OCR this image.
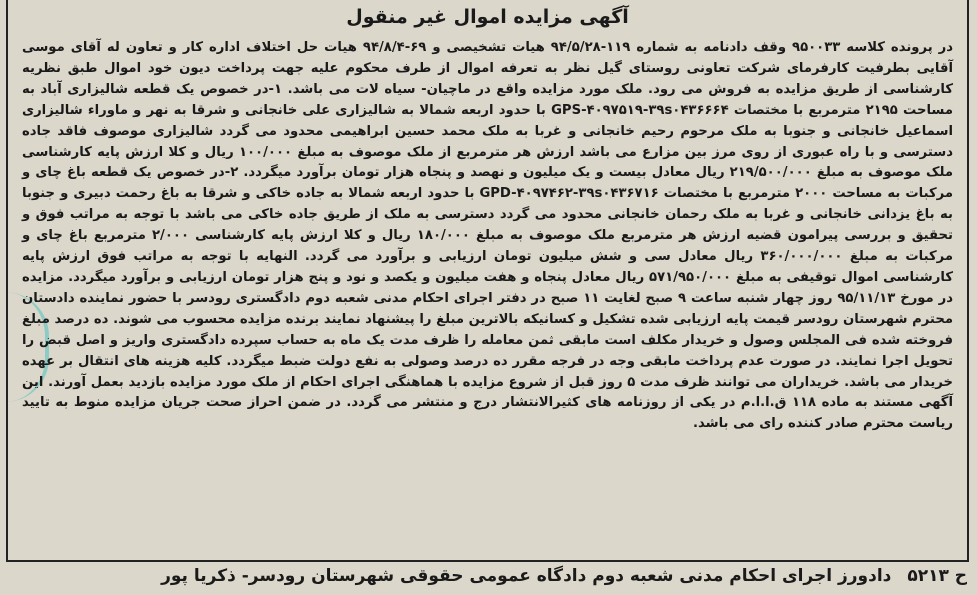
آگهی مزایده اموال غیر منقول

در پرونده کلاسه ۹۵۰۰۳۳ وقف دادنامه به شماره ۱۱۹-۹۴/۵/۲۸ هیات تشخیصی و ۶۹-۹۴/۸/۴ هیات حل اختلاف اداره کار و تعاون له آقای موسی آقایی بطرفیت کارفرمای شرکت تعاونی روستای گیل نظر به تعرفه اموال از طرف محکوم علیه جهت پرداخت دیون خود اموال طبق نظریه کارشناسی از طریق مزایده به فروش می رود. ملک مورد مزایده واقع در ماچیان- سیاه لات می باشد. ۱-در خصوص یک قطعه شالیزاری آباد به مساحت ۲۱۹۵ مترمربع با مختصات GPS-۴۰۹۷۵۱۹-۳۹s۰۴۳۶۶۶۴ با حدود اربعه شمالا به شالیزاری علی خانجانی و شرقا به نهر و ماوراء شالیزاری اسماعیل خانجانی و جنوبا به ملک مرحوم رحیم خانجانی و غربا به ملک محمد حسین ابراهیمی محدود می گردد شالیزاری موصوف فاقد جاده دسترسی و با راه عبوری از روی مرز بین مزارع می باشد ارزش هر مترمربع از ملک موصوف به مبلغ ۱۰۰/۰۰۰ ریال و کلا ارزش پایه کارشناسی ملک موصوف به مبلغ ۲۱۹/۵۰۰/۰۰۰ ریال معادل بیست و یک میلیون و نهصد و پنجاه هزار تومان برآورد میگردد. ۲-در خصوص یک قطعه باغ چای و مرکبات به مساحت ۲۰۰۰ مترمربع با مختصات GPD-۴۰۹۷۴۶۲-۳۹s۰۴۳۶۷۱۶ با حدود اربعه شمالا به جاده خاکی و شرقا به باغ رحمت دبیری و جنوبا به باغ یزدانی خانجانی و غربا به ملک رحمان خانجانی محدود می گردد دسترسی به ملک از طریق جاده خاکی می باشد با توجه به مراتب فوق و تحقیق و بررسی پیرامون قضیه ارزش هر مترمربع ملک موصوف به مبلغ ۱۸۰/۰۰۰ ریال و کلا ارزش پایه کارشناسی ۲/۰۰۰ مترمربع باغ چای و مرکبات به مبلغ ۳۶۰/۰۰۰/۰۰۰ ریال معادل سی و شش میلیون تومان ارزیابی و برآورد می گردد. النهایه با توجه به مراتب فوق ارزش پایه کارشناسی اموال توقیفی به مبلغ ۵۷۱/۹۵۰/۰۰۰ ریال معادل پنجاه و هفت میلیون و یکصد و نود و پنج هزار تومان ارزیابی و برآورد میگردد. مزایده در مورخ ۹۵/۱۱/۱۳ روز چهار شنبه ساعت ۹ صبح لغایت ۱۱ صبح در دفتر اجرای احکام مدنی شعبه دوم دادگستری رودسر با حضور نماینده دادستان محترم شهرستان رودسر قیمت پایه ارزیابی شده تشکیل و کسانیکه بالاترین مبلغ را پیشنهاد نمایند برنده مزایده محسوب می شوند. ده درصد مبلغ فروخته شده فی المجلس وصول و خریدار مکلف است مابقی ثمن معامله را ظرف مدت یک ماه به حساب سپرده دادگستری واریز و اصل قبض را تحویل اجرا نمایند. در صورت عدم پرداخت مابقی وجه در فرجه مقرر ده درصد وصولی به نفع دولت ضبط میگردد. کلیه هزینه های انتقال بر عهده خریدار می باشد. خریداران می توانند ظرف مدت ۵ روز قبل از شروع مزایده با هماهنگی اجرای احکام از ملک مورد مزایده بازدید بعمل آورند. این آگهی مستند به ماده ۱۱۸ ق.ا.ا.م در یکی از روزنامه های کثیرالانتشار درج و منتشر می گردد. در ضمن احراز صحت جریان مزایده منوط به تایید ریاست محترم صادر کننده رای می باشد.

ح ۵۲۱۳ دادورز اجرای احکام مدنی شعبه دوم دادگاه عمومی حقوقی شهرستان رودسر- ذکریا پور
